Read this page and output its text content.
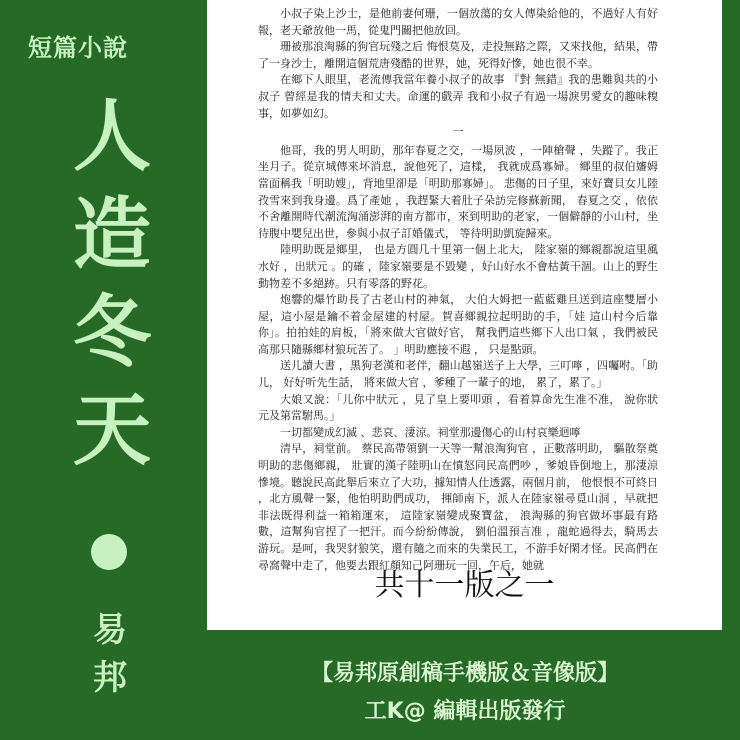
短篇小說
人
造
冬
天
易
邦

小叔子染上沙士，是他前妻何珊，一個放蕩的女人傳染給他的，不過好人有好報，老天爺放他一馬，從鬼門關把他放回。

珊被那浪淘縣的狗官玩殘之后 悔恨莫及，走投無路之際，又來找他，結果，帶了一身沙士，離開這個荒唐殘酷的世界，她，死得好慘，她也很不幸。

在鄉下人眼里，老流傳我當年養小叔子的故事 『對 無錯』我的患難與共的小叔子 曾經是我的情夫和丈夫。命運的戲弄 我和小叔子有過一場淚男愛女的趣味糗事，如夢如幻。

一

他哥，我的男人明助，那年春夏之交，一場夙波 ，一陣槍聲 ，失蹤了。我正坐月子。從京城傳來坏消息，說他死了，這樣， 我就成爲寡婦。 鄉里的叔伯嬸姆當面稱我「明助嫂」，背地里卻是「明助那寡婦」。 悲傷的日子里，來好寶貝女儿陸孜雪來到我身邊。爲了產她 ，我趕緊大着肚子朵訪完修蘇新聞， 春夏之交 ，依依不舍離開時代潮流洶涌澎湃的南方都市，來到明助的老家，一個僻靜的小山村，坐待腹中嬰兒出世，參與小叔子訂婚儀式， 等待明助凱旋歸來。

陸明助既是鄉里， 也是方圓几十里第一個上北大， 陸家嶺的鄉親都說這里風水好 ，出狀元 。的確 ，陸家嶺要是不毀變 ，好山好水不會枯黃干涸。山上的野生動物差不多絕跡。只有零落的野花。

炮響的爆竹助長了古老山村的神氣， 大伯大姆把一藍藍雞旦送到這座雙層小屋，這小屋是鑰不着金屋建的村屋。賀喜鄉親拉起明助的手，「娃 這山村今后靠你」。拍拍娃的肩板，「將來做大官做好官， 幫我們這些鄉下人出口氣 ，我們被民高那只隨縣鄉材狼玩苦了。 」明助應接不遐 ， 只是點頭。

送儿讀大書 ，黑狗老漢和老伴，翻山越嶺送子上大學，三叮嚀 ，四囑咐。「助儿， 好好听先生話， 將來做大官 ，爹種了一輩子的地， 累了，累了。」

大娘又說：「儿你中狀元 ，見了皇上要叩頭 ，看着算命先生准不准， 說你狀元及第當駙馬。」

一切都變成幻滅 、悲哀、淒涼。祠堂那邊傷心的山村哀樂迴嚀

清早，祠堂前。 蔡民高帶領劉一天等一幫浪淘狗官 ，正數落明助， 驅散祭奠明助的悲傷鄉親， 壯實的漢子陸明山在憤怒同民高們吵 ，爹娘昏倒地上，那淒涼慘境。聽說民高此舉后來立了大功，據知情人仕透露，兩個月前， 他恨恨不可終日 ，北方風聲一緊，他怕明助們成功， 揮師南下，派人在陸家嶺尋覓山洞 ，早就把非法既得利益一箱箱運來， 這陸家嶺變成聚寶盆， 浪淘縣的狗官做坏事最有路數，這幫狗官捏了一把汗。而今紛紛傳說， 劉伯溫預言准 ，龍蛇過得去，騎馬去游玩。是呵，我哭豺狼笑，還有隨之而來的失業民工，不游手好閑才怪。民高們在尋窩聲中走了，他要去跟紅顏知己阿珊玩一回，午后，她就

共十一版之一
【易邦原創稿手機版＆音像版】
工K@ 編輯出版發行
